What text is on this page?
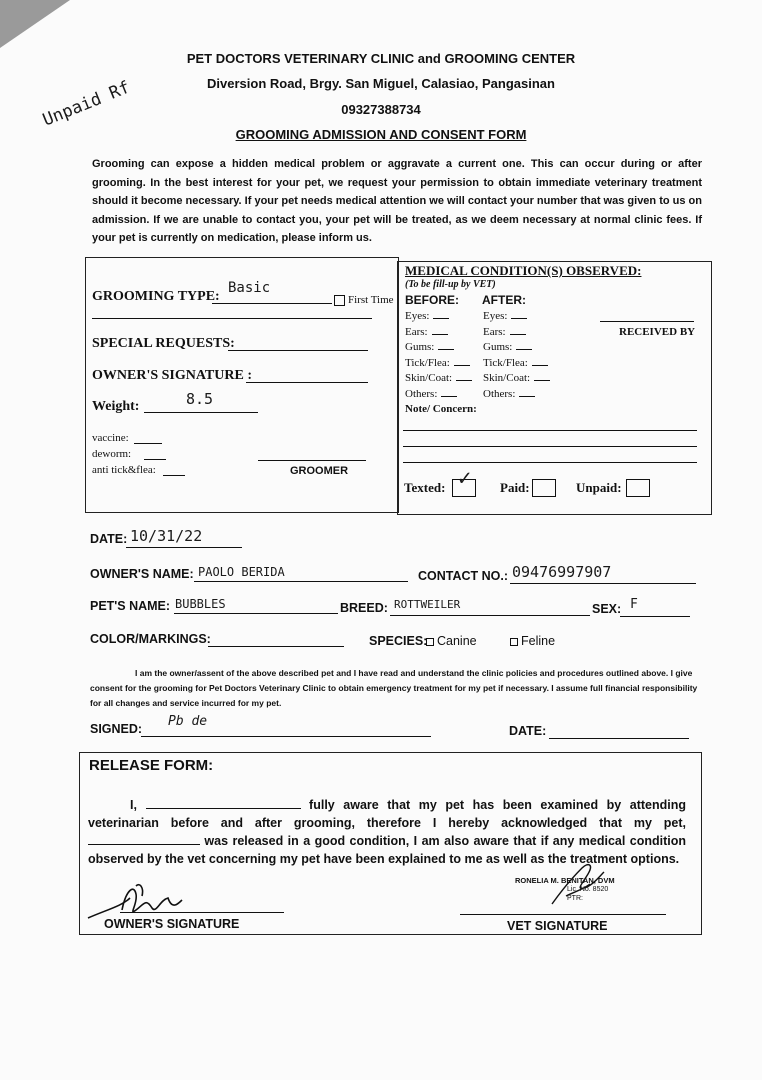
PET DOCTORS VETERINARY CLINIC and GROOMING CENTER
Diversion Road, Brgy. San Miguel, Calasiao, Pangasinan
09327388734
GROOMING ADMISSION AND CONSENT FORM
Unpaid Rf
Grooming can expose a hidden medical problem or aggravate a current one. This can occur during or after grooming. In the best interest for your pet, we request your permission to obtain immediate veterinary treatment should it become necessary. If your pet needs medical attention we will contact your number that was given to us on admission. If we are unable to contact you, your pet will be treated, as we deem necessary at normal clinic fees. If your pet is currently on medication, please inform us.
GROOMING TYPE:
Basic
First Time
SPECIAL REQUESTS:
OWNER'S SIGNATURE :
Weight:	8.5
vaccine:
deworm:
anti tick&flea:	GROOMER
MEDICAL CONDITION(S) OBSERVED:
(To be fill-up by VET)
BEFORE: AFTER:
Eyes:	Eyes:
Ears:	Ears:
Gums:	Gums:
Tick/Flea:	Tick/Flea:
Skin/Coat:	Skin/Coat:
Others:	Others:
RECEIVED BY
Note/ Concern:
Texted: ✓ Paid:	Unpaid:
DATE: 10/31/22
OWNER'S NAME: PAOLO BERIDA	CONTACT NO.: 09476997907
PET'S NAME: BUBBLES	BREED: ROTTWEILER	SEX: F
COLOR/MARKINGS:	SPECIES: Canine	Feline
I am the owner/assent of the above described pet and I have read and understand the clinic policies and procedures outlined above. I give consent for the grooming for Pet Doctors Veterinary Clinic to obtain emergency treatment for my pet if necessary. I assume full financial responsibility for all changes and service incurred for my pet.
SIGNED: Pb de
DATE:
RELEASE FORM:
I,	fully aware that my pet has been examined by attending veterinarian before and after grooming, therefore I hereby acknowledged that my pet,  was released in a good condition, I am also aware that if any medical condition observed by the vet concerning my pet have been explained to me as well as the treatment options.
OWNER'S SIGNATURE
RONELIA M. BENITAN, DVM
Lic. No. 8520
PTR:
VET SIGNATURE
